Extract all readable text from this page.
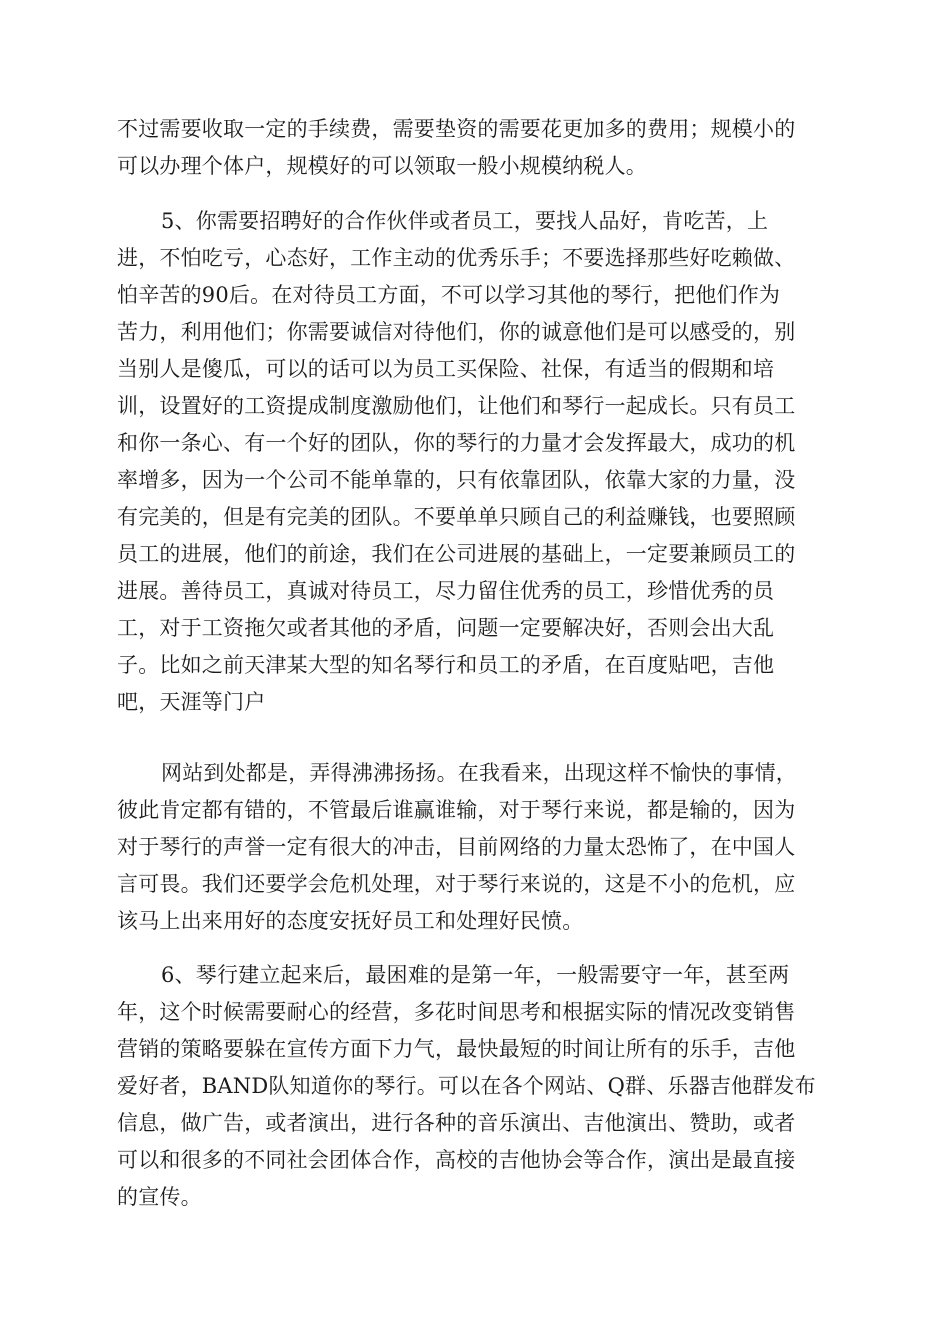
不过需要收取一定的手续费，需要垫资的需要花更加多的费用；规模小的
可以办理个体户，规模好的可以领取一般小规模纳税人。
5、你需要招聘好的合作伙伴或者员工，要找人品好，肯吃苦，上
进，不怕吃亏，心态好，工作主动的优秀乐手；不要选择那些好吃赖做、
怕辛苦的90后。在对待员工方面，不可以学习其他的琴行，把他们作为
苦力，利用他们；你需要诚信对待他们，你的诚意他们是可以感受的，别
当别人是傻瓜，可以的话可以为员工买保险、社保，有适当的假期和培
训，设置好的工资提成制度激励他们，让他们和琴行一起成长。只有员工
和你一条心、有一个好的团队，你的琴行的力量才会发挥最大，成功的机
率增多，因为一个公司不能单靠的，只有依靠团队，依靠大家的力量，没
有完美的，但是有完美的团队。不要单单只顾自己的利益赚钱，也要照顾
员工的进展，他们的前途，我们在公司进展的基础上，一定要兼顾员工的
进展。善待员工，真诚对待员工，尽力留住优秀的员工，珍惜优秀的员
工，对于工资拖欠或者其他的矛盾，问题一定要解决好，否则会出大乱
子。比如之前天津某大型的知名琴行和员工的矛盾，在百度贴吧，吉他
吧，天涯等门户
网站到处都是，弄得沸沸扬扬。在我看来，出现这样不愉快的事情，
彼此肯定都有错的，不管最后谁赢谁输，对于琴行来说，都是输的，因为
对于琴行的声誉一定有很大的冲击，目前网络的力量太恐怖了，在中国人
言可畏。我们还要学会危机处理，对于琴行来说的，这是不小的危机，应
该马上出来用好的态度安抚好员工和处理好民愤。
6、琴行建立起来后，最困难的是第一年，一般需要守一年，甚至两
年，这个时候需要耐心的经营，多花时间思考和根据实际的情况改变销售
营销的策略要躲在宣传方面下力气，最快最短的时间让所有的乐手，吉他
爱好者，BAND队知道你的琴行。可以在各个网站、Q群、乐器吉他群发布
信息，做广告，或者演出，进行各种的音乐演出、吉他演出、赞助，或者
可以和很多的不同社会团体合作，高校的吉他协会等合作，演出是最直接
的宣传。
